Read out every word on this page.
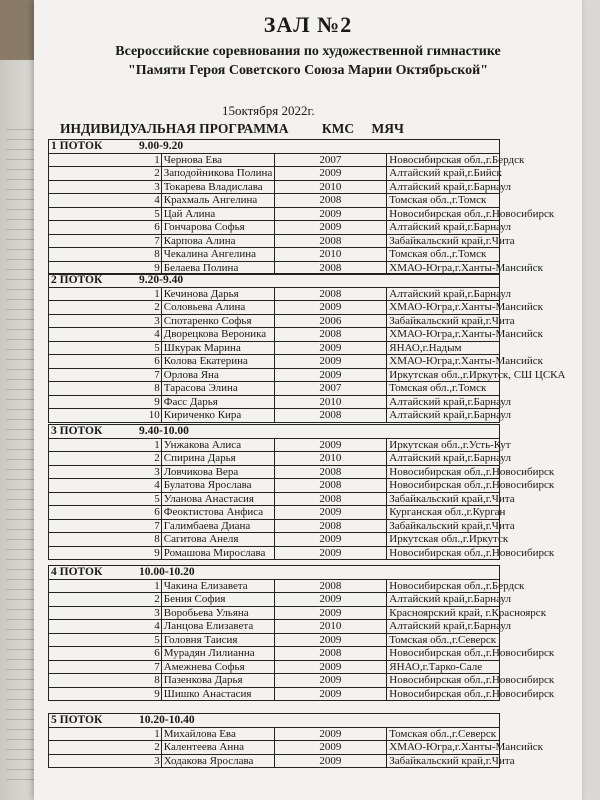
ЗАЛ №2
Всероссийские соревнования по художественной гимнастике
"Памяти Героя Советского Союза Марии Октябрьской"
15октября 2022г.
ИНДИВИДУАЛЬНАЯ ПРОГРАММА КМС МЯЧ
1 ПОТОК 9.00-9.20			
1	Чернова Ева	2007	Новосибирская обл.,г.Бердск
2	Заподойникова Полина	2009	Алтайский край,г.Бийск
3	Токарева Владислава	2010	Алтайский край,г.Барнаул
4	Крахмаль Ангелина	2008	Томская обл.,г.Томск
5	Цай Алина	2009	Новосибирская обл.,г.Новосибирск
6	Гончарова Софья	2009	Алтайский край,г.Барнаул
7	Карпова Алина	2008	Забайкальский край,г.Чита
8	Чекалина Ангелина	2010	Томская обл.,г.Томск
9	Белаева Полина	2008	ХМАО-Югра,г.Ханты-Мансийск
2 ПОТОК 9.20-9.40			
1	Кечинова Дарья	2008	Алтайский край,г.Барнаул
2	Соловьева Алина	2009	ХМАО-Югра,г.Ханты-Мансийск
3	Спотаренко Софья	2006	Забайкальский край,г.Чита
4	Дворецкова Вероника	2008	ХМАО-Югра,г.Ханты-Мансийск
5	Шкурак Марина	2009	ЯНАО,г.Надым
6	Колова Екатерина	2009	ХМАО-Югра,г.Ханты-Мансийск
7	Орлова Яна	2009	Иркутская обл.,г.Иркутск, СШ ЦСКА
8	Тарасова Элина	2007	Томская обл.,г.Томск
9	Фасс Дарья	2010	Алтайский край,г.Барнаул
10	Кириченко Кира	2008	Алтайский край,г.Барнаул
3 ПОТОК 9.40-10.00			
1	Унжакова Алиса	2009	Иркутская обл.,г.Усть-Кут
2	Спирина Дарья	2010	Алтайский край,г.Барнаул
3	Ловчикова Вера	2008	Новосибирская обл.,г.Новосибирск
4	Булатова Ярослава	2008	Новосибирская обл.,г.Новосибирск
5	Уланова Анастасия	2008	Забайкальский край,г.Чита
6	Феоктистова Анфиса	2009	Курганская обл.,г.Курган
7	Галимбаева Диана	2008	Забайкальский край,г.Чита
8	Сагитова Анеля	2009	Иркутская обл.,г.Иркутск
9	Ромашова Мирослава	2009	Новосибирская обл.,г.Новосибирск
4 ПОТОК 10.00-10.20			
1	Чакина Елизавета	2008	Новосибирская обл.,г.Бердск
2	Бения София	2009	Алтайский край,г.Барнаул
3	Воробьева Ульяна	2009	Красноярский край, г.Красноярск
4	Ланцова Елизавета	2010	Алтайский край,г.Барнаул
5	Головня Таисия	2009	Томская обл.,г.Северск
6	Мурадян Лилианна	2008	Новосибирская обл.,г.Новосибирск
7	Амежнева Софья	2009	ЯНАО,г.Тарко-Сале
8	Пазенкова Дарья	2009	Новосибирская обл.,г.Новосибирск
9	Шишко Анастасия	2009	Новосибирская обл.,г.Новосибирск
5 ПОТОК 10.20-10.40			
1	Михайлова Ева	2009	Томская обл.,г.Северск
2	Калентеева Анна	2009	ХМАО-Югра,г.Ханты-Мансийск
3	Ходакова Ярослава	2009	Забайкальский край,г.Чита
